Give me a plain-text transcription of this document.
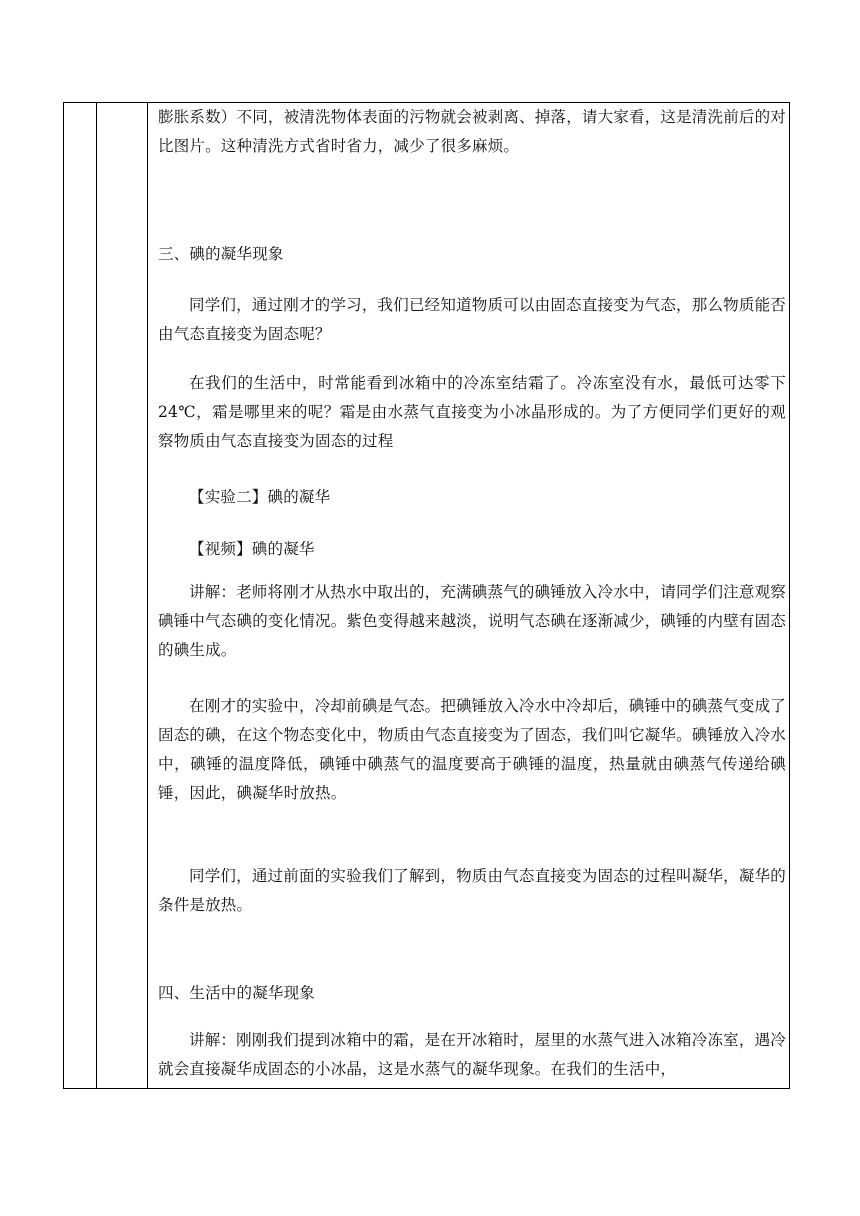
膨胀系数）不同，被清洗物体表面的污物就会被剥离、掉落，请大家看，这是清洗前后的对比图片。这种清洗方式省时省力，减少了很多麻烦。

三、碘的凝华现象

同学们，通过刚才的学习，我们已经知道物质可以由固态直接变为气态，那么物质能否由气态直接变为固态呢？

在我们的生活中，时常能看到冰箱中的冷冻室结霜了。冷冻室没有水，最低可达零下24℃，霜是哪里来的呢？霜是由水蒸气直接变为小冰晶形成的。为了方便同学们更好的观察物质由气态直接变为固态的过程

【实验二】碘的凝华

【视频】碘的凝华

讲解：老师将刚才从热水中取出的，充满碘蒸气的碘锤放入冷水中，请同学们注意观察碘锤中气态碘的变化情况。紫色变得越来越淡，说明气态碘在逐渐减少，碘锤的内壁有固态的碘生成。

在刚才的实验中，冷却前碘是气态。把碘锤放入冷水中冷却后，碘锤中的碘蒸气变成了固态的碘，在这个物态变化中，物质由气态直接变为了固态，我们叫它凝华。碘锤放入冷水中，碘锤的温度降低，碘锤中碘蒸气的温度要高于碘锤的温度，热量就由碘蒸气传递给碘锤，因此，碘凝华时放热。

同学们，通过前面的实验我们了解到，物质由气态直接变为固态的过程叫凝华，凝华的条件是放热。

四、生活中的凝华现象

讲解：刚刚我们提到冰箱中的霜，是在开冰箱时，屋里的水蒸气进入冰箱冷冻室，遇冷就会直接凝华成固态的小冰晶，这是水蒸气的凝华现象。在我们的生活中，
